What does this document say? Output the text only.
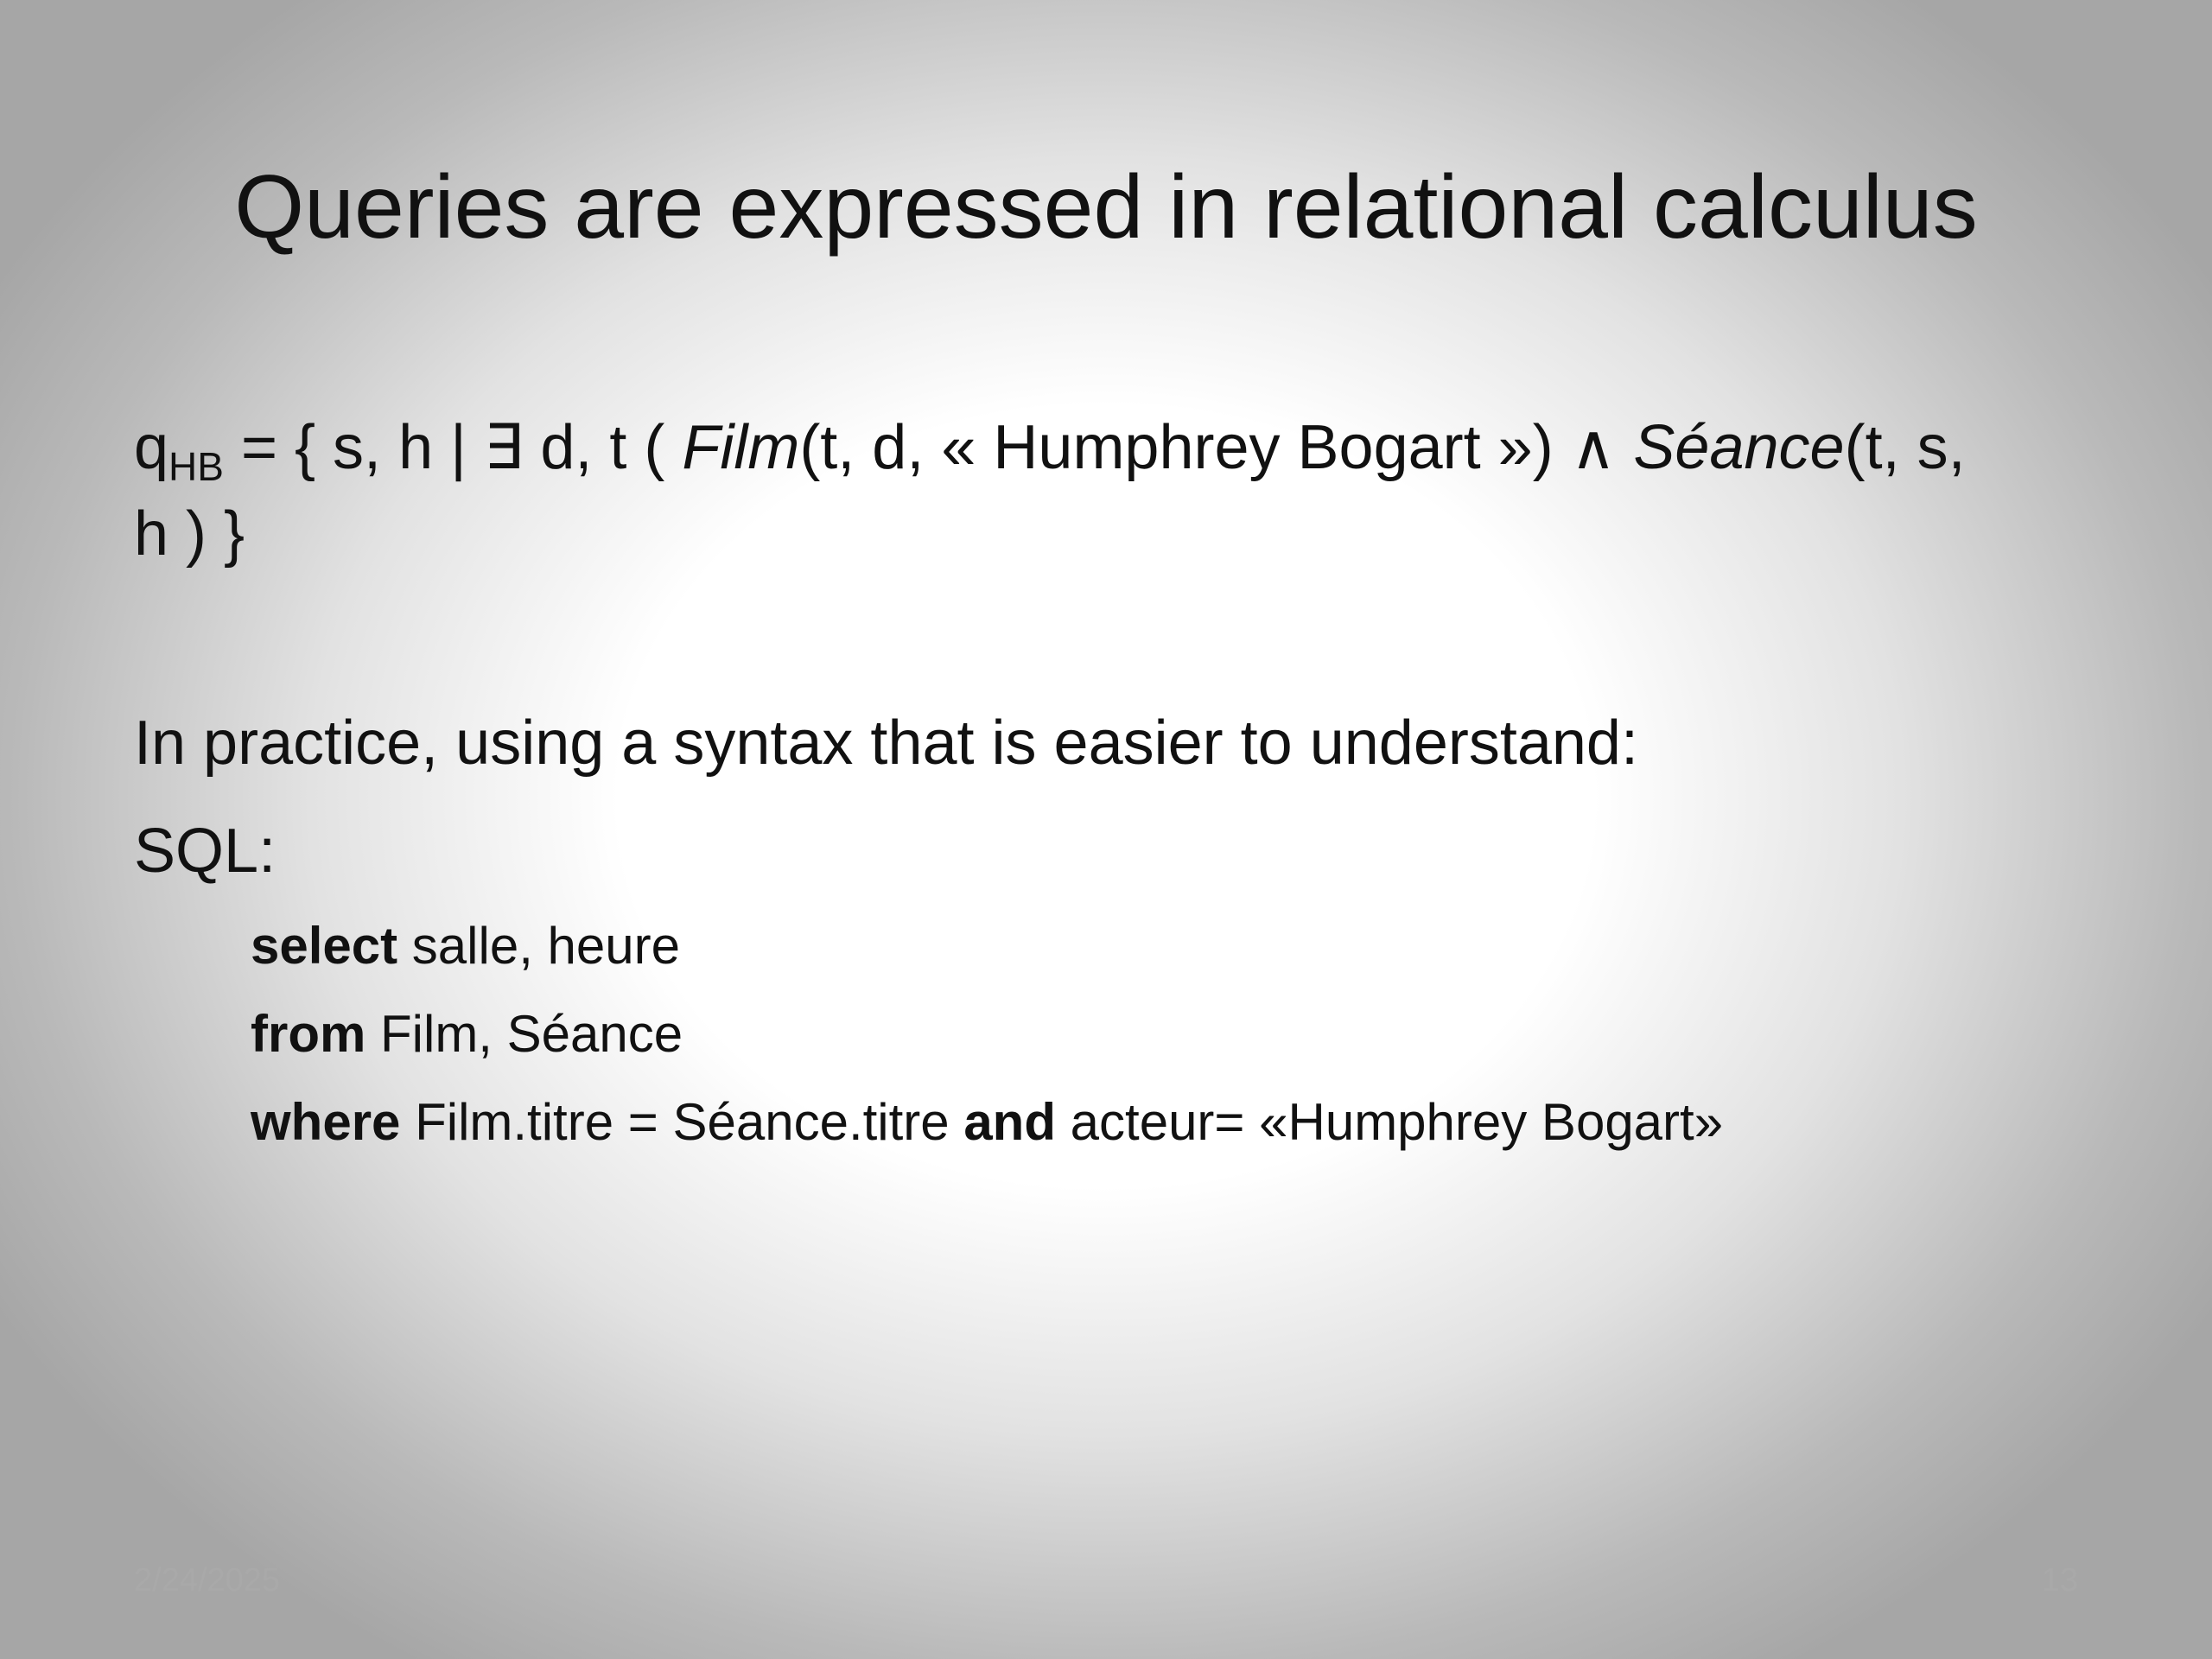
Queries are expressed in relational calculus
$q_{HB}$ = { s, h | ∃ d, t ( Film(t, d, « Humphrey Bogart ») ∧ Séance(t, s,
h ) }
In practice, using a syntax that is easier to understand:
SQL:
select salle, heure
from Film, Séance
where Film.titre = Séance.titre and acteur= «Humphrey Bogart»
2/24/2025	13
